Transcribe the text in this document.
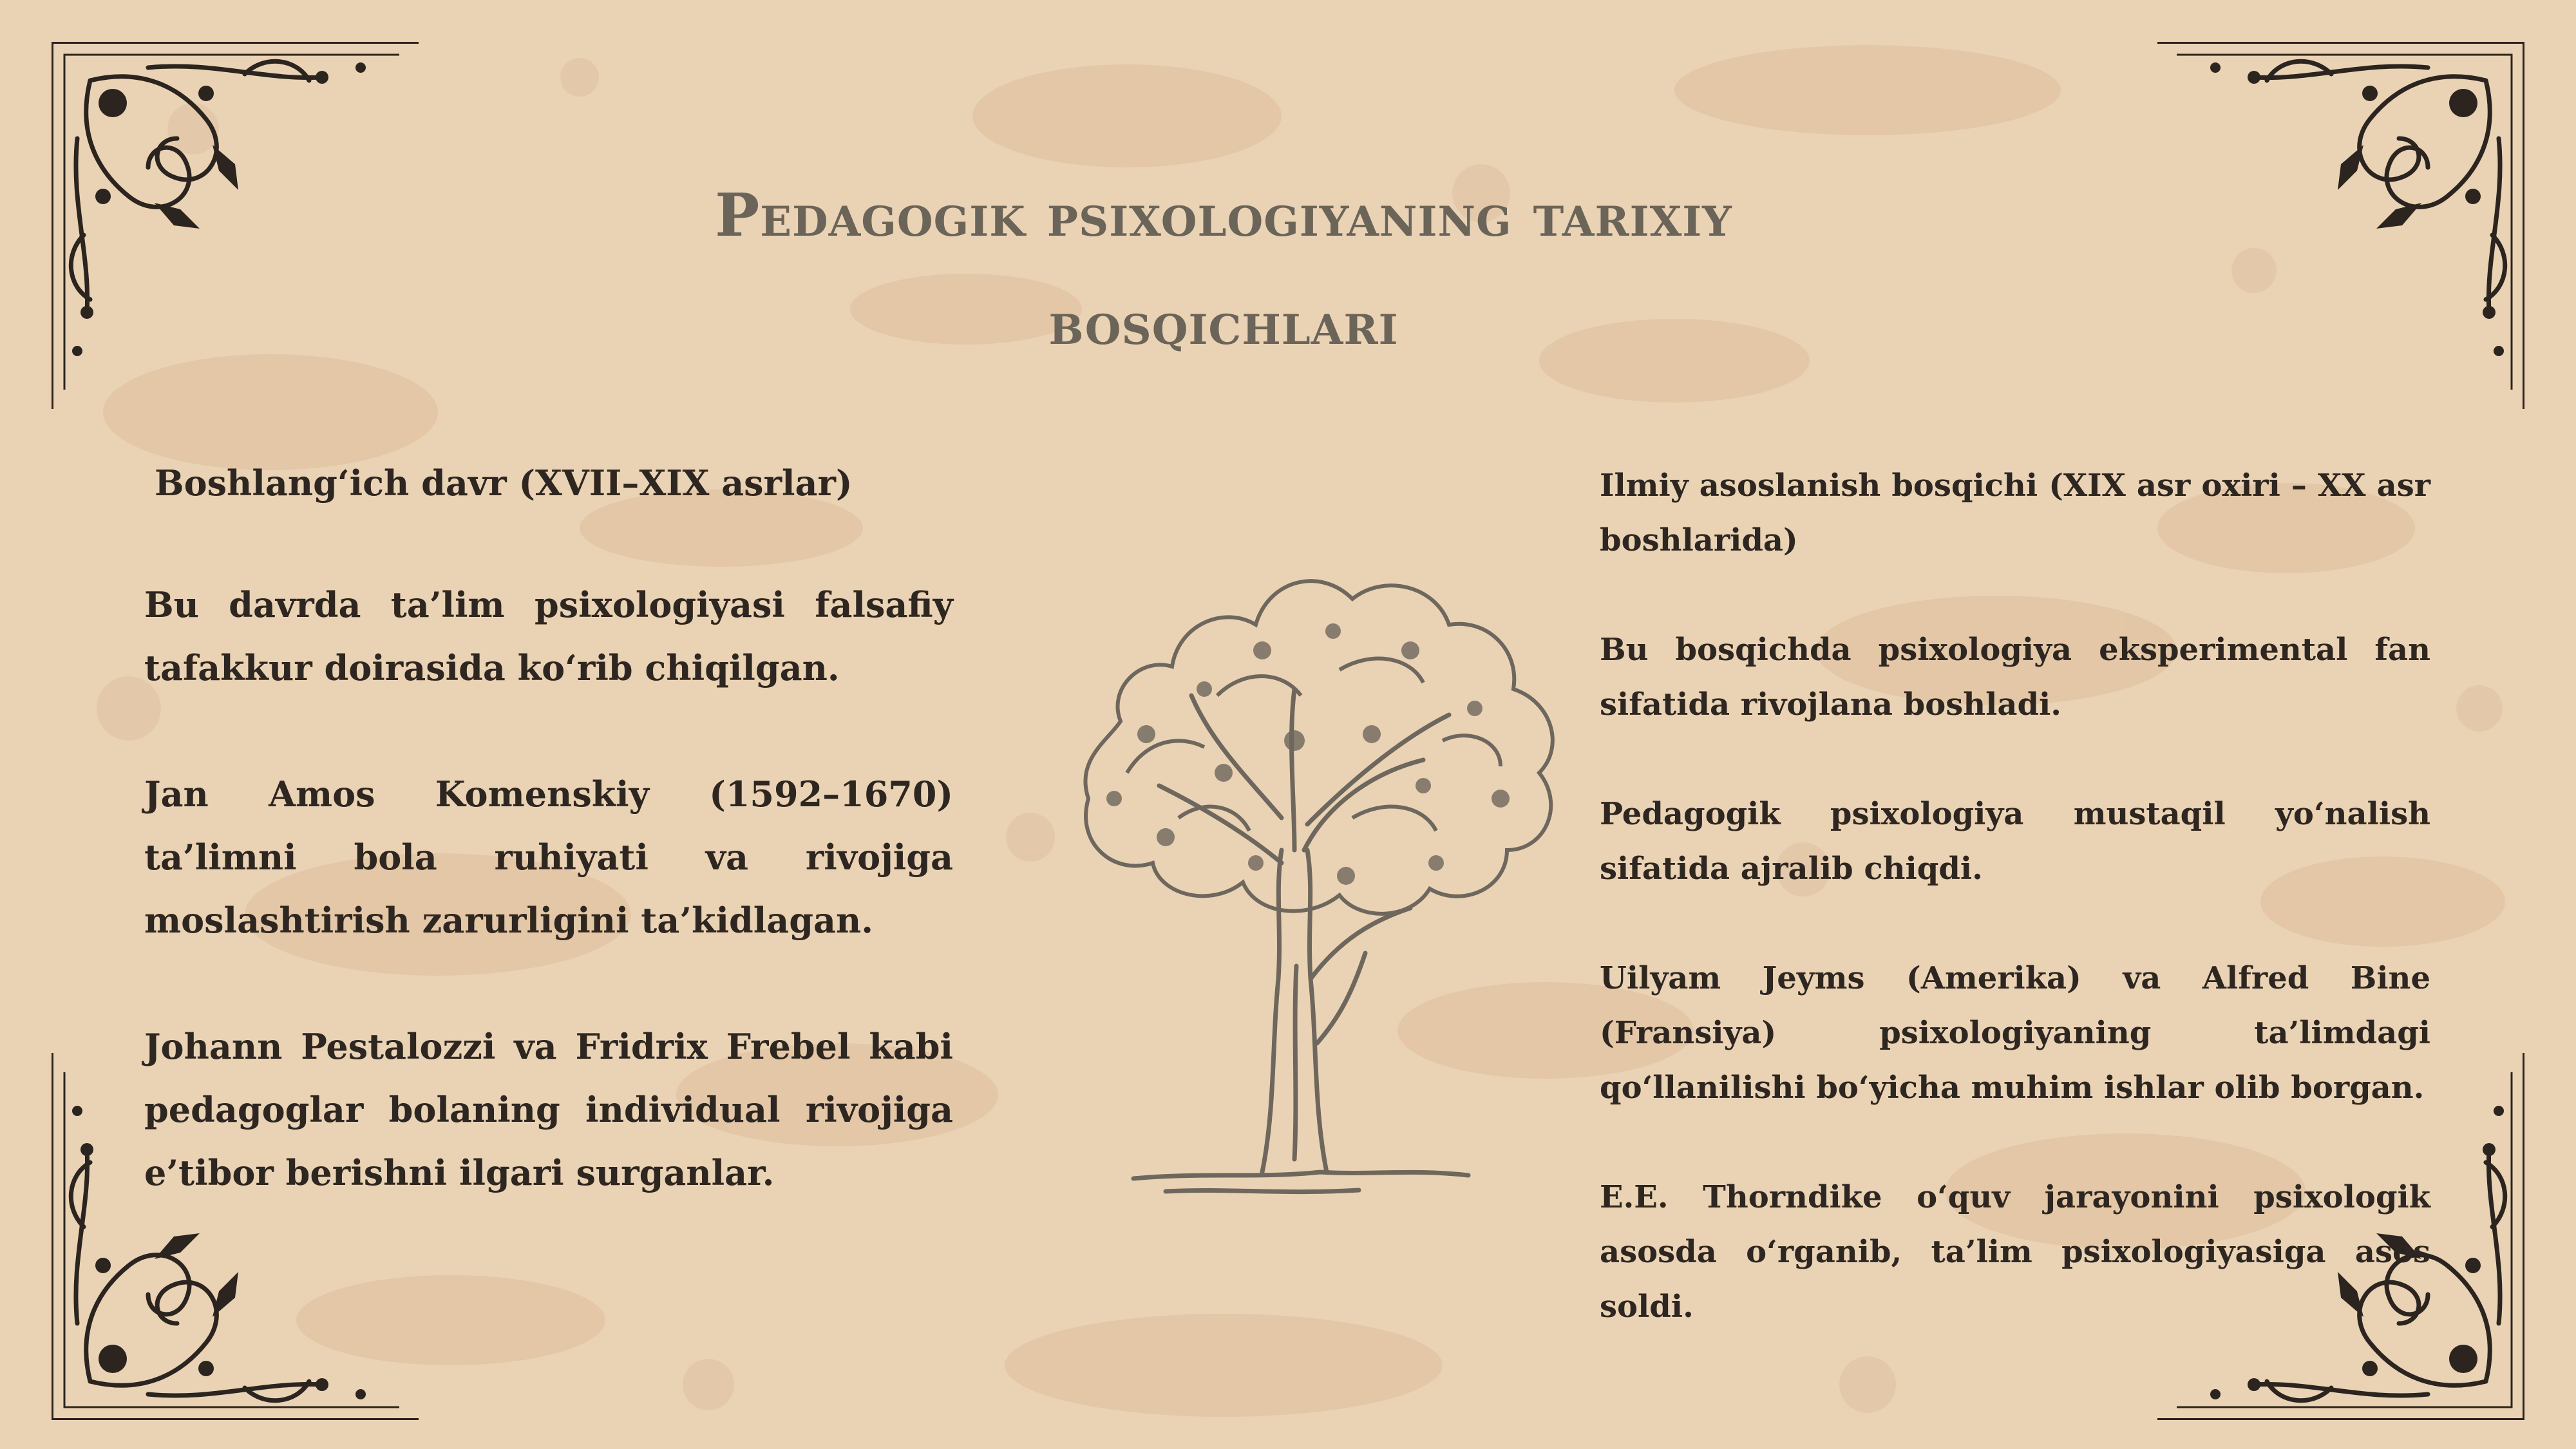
Pedagogik psixologiyaning tarixiy
bosqichlari

Boshlang‘ich davr (XVII–XIX asrlar)

Bu davrda ta’lim psixologiyasi falsafiy tafakkur doirasida ko‘rib chiqilgan.

Jan Amos Komenskiy (1592–1670) ta’limni bola ruhiyati va rivojiga moslashtirish zarurligini ta’kidlagan.

Johann Pestalozzi va Fridrix Frebel kabi pedagoglar bolaning individual rivojiga e’tibor berishni ilgari surganlar.

Ilmiy asoslanish bosqichi (XIX asr oxiri – XX asr boshlarida)

Bu bosqichda psixologiya eksperimental fan sifatida rivojlana boshladi.

Pedagogik psixologiya mustaqil yo‘nalish sifatida ajralib chiqdi.

Uilyam Jeyms (Amerika) va Alfred Bine (Fransiya) psixologiyaning ta’limdagi qo‘llanilishi bo‘yicha muhim ishlar olib borgan.

E.E. Thorndike o‘quv jarayonini psixologik asosda o‘rganib, ta’lim psixologiyasiga asos soldi.
